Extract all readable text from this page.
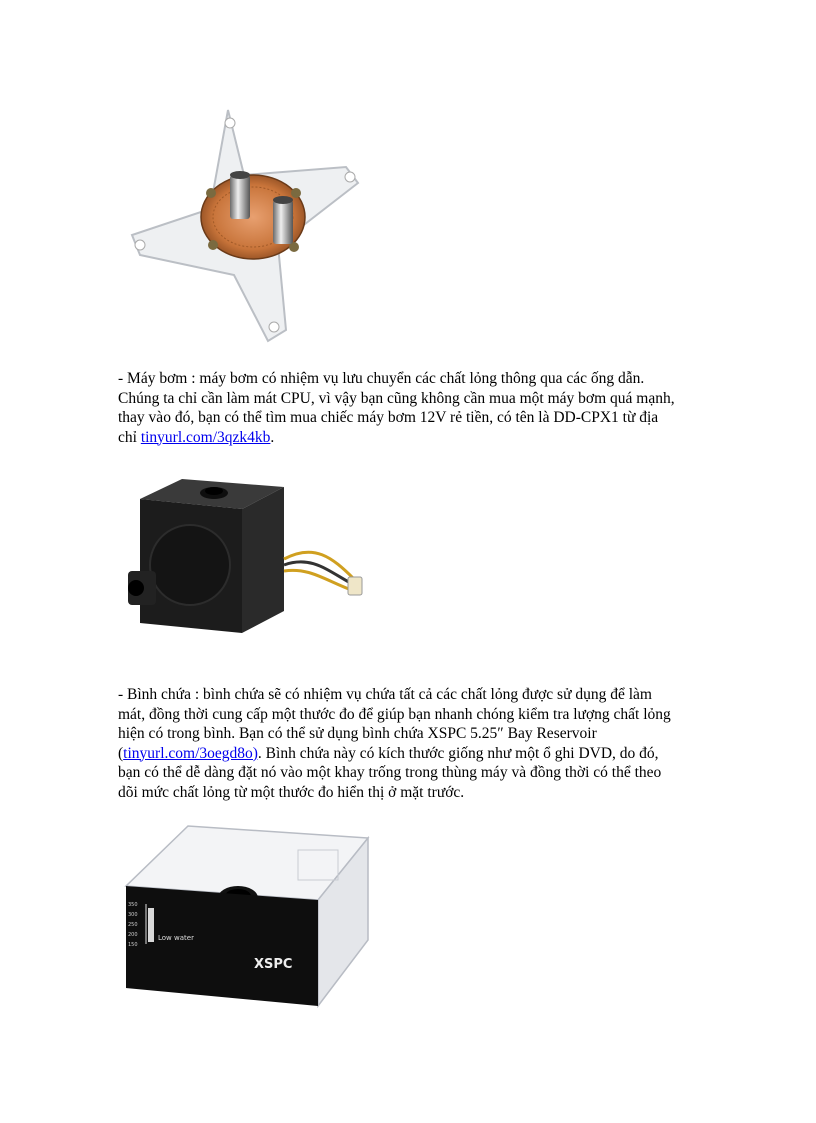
- Máy bơm : máy bơm có nhiệm vụ lưu chuyển các chất lỏng thông qua các ống dẫn.
Chúng ta chỉ cần làm mát CPU, vì vậy bạn cũng không cần mua một máy bơm quá mạnh,
thay vào đó, bạn có thể tìm mua chiếc máy bơm 12V rẻ tiền, có tên là DD-CPX1 từ địa
chỉ tinyurl.com/3qzk4kb.
- Bình chứa : bình chứa sẽ có nhiệm vụ chứa tất cả các chất lỏng được sử dụng để làm
mát, đồng thời cung cấp một thước đo để giúp bạn nhanh chóng kiểm tra lượng chất lỏng
hiện có trong bình. Bạn có thể sử dụng bình chứa XSPC 5.25″ Bay Reservoir
(tinyurl.com/3oegd8o). Bình chứa này có kích thước giống như một ổ ghi DVD, do đó,
bạn có thể dễ dàng đặt nó vào một khay trống trong thùng máy và đồng thời có thể theo
dõi mức chất lỏng từ một thước đo hiển thị ở mặt trước.
350
300
250
200
150
Low water
XSPC
